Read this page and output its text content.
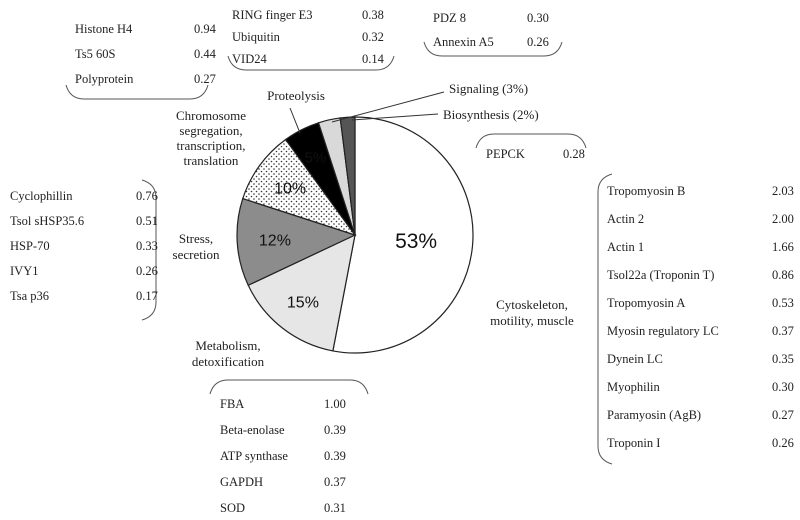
53%
15%
12%
10%
5%
Cytoskeleton,
motility, muscle
Metabolism,
detoxification
Stress,
secretion
Chromosome
segregation,
transcription,
translation
Proteolysis	Signaling (3%)
Biosynthesis (2%)
Histone H4	0.94
Ts5 60S	0.44
Polyprotein	0.27
RING finger E3	0.38
Ubiquitin	0.32
VID24	0.14
PDZ 8	0.30
Annexin A5	0.26
PEPCK	0.28
FBA	1.00
Beta-enolase	0.39
ATP synthase	0.39
GAPDH	0.37
SOD	0.31
Cyclophillin	0.76
Tsol sHSP35.6	0.51
HSP-70	0.33
IVY1	0.26
Tsa p36	0.17
Tropomyosin B	2.03
Actin 2	2.00
Actin 1	1.66
Tsol22a (Troponin T)	0.86
Tropomyosin A	0.53
Myosin regulatory LC	0.37
Dynein LC	0.35
Myophilin	0.30
Paramyosin (AgB)	0.27
Troponin I	0.26
